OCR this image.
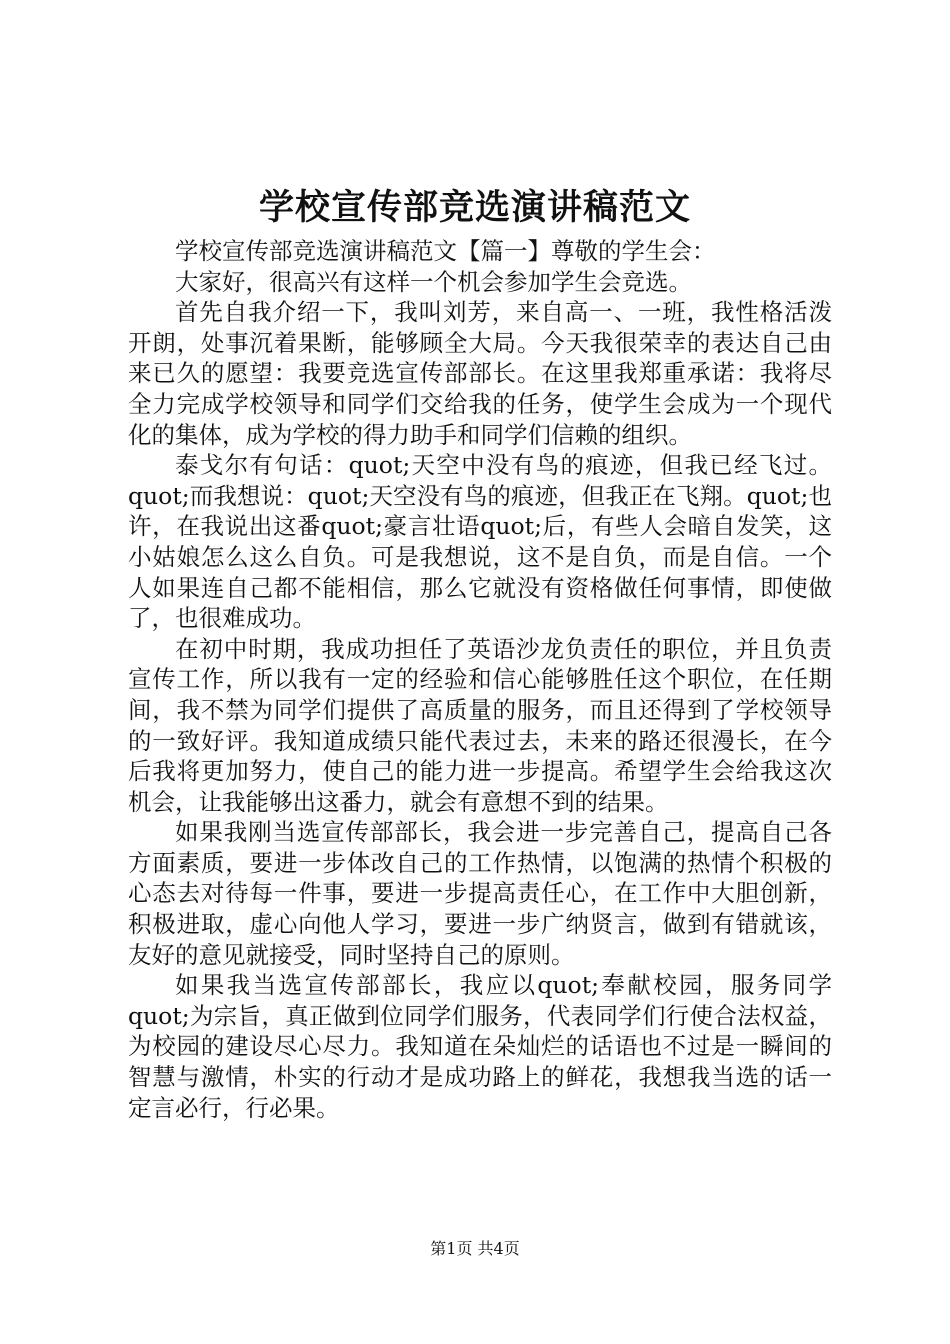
学校宣传部竞选演讲稿范文

学校宣传部竞选演讲稿范文【篇一】尊敬的学生会：

大家好，很高兴有这样一个机会参加学生会竞选。

首先自我介绍一下，我叫刘芳，来自高一、一班，我性格活泼开朗，处事沉着果断，能够顾全大局。今天我很荣幸的表达自己由来已久的愿望：我要竞选宣传部部长。在这里我郑重承诺：我将尽全力完成学校领导和同学们交给我的任务，使学生会成为一个现代化的集体，成为学校的得力助手和同学们信赖的组织。

泰戈尔有句话：quot;天空中没有鸟的痕迹，但我已经飞过。quot;而我想说：quot;天空没有鸟的痕迹，但我正在飞翔。quot;也许，在我说出这番quot;豪言壮语quot;后，有些人会暗自发笑，这小姑娘怎么这么自负。可是我想说，这不是自负，而是自信。一个人如果连自己都不能相信，那么它就没有资格做任何事情，即使做了，也很难成功。

在初中时期，我成功担任了英语沙龙负责任的职位，并且负责宣传工作，所以我有一定的经验和信心能够胜任这个职位，在任期间，我不禁为同学们提供了高质量的服务，而且还得到了学校领导的一致好评。我知道成绩只能代表过去，未来的路还很漫长，在今后我将更加努力，使自己的能力进一步提高。希望学生会给我这次机会，让我能够出这番力，就会有意想不到的结果。

如果我刚当选宣传部部长，我会进一步完善自己，提高自己各方面素质，要进一步体改自己的工作热情，以饱满的热情个积极的心态去对待每一件事，要进一步提高责任心，在工作中大胆创新，积极进取，虚心向他人学习，要进一步广纳贤言，做到有错就该，友好的意见就接受，同时坚持自己的原则。

如果我当选宣传部部长，我应以quot;奉献校园，服务同学quot;为宗旨，真正做到位同学们服务，代表同学们行使合法权益，为校园的建设尽心尽力。我知道在朵灿烂的话语也不过是一瞬间的智慧与激情，朴实的行动才是成功路上的鲜花，我想我当选的话一定言必行，行必果。

第1页 共4页
